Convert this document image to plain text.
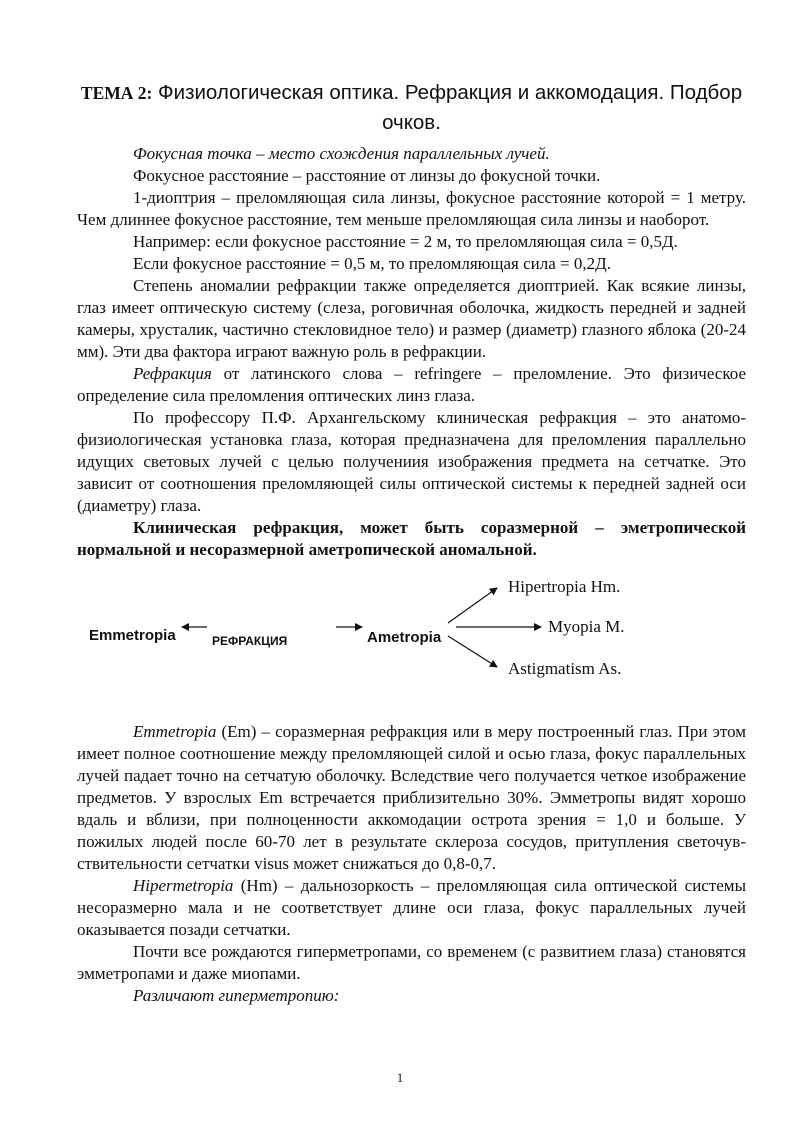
ТЕМА 2: Физиологическая оптика. Рефракция и аккомодация. Подбор очков.

Фокусная точка – место схождения параллельных лучей.

Фокусное расстояние – расстояние от линзы до фокусной точки.

1-диоптрия – преломляющая сила линзы, фокусное расстояние которой = 1 метру. Чем длиннее фокусное расстояние, тем меньше преломляющая сила линзы и наоборот.

Например: если фокусное расстояние = 2 м, то преломляющая сила = 0,5Д.

Если фокусное расстояние = 0,5 м, то преломляющая сила = 0,2Д.

Степень аномалии рефракции также определяется диоптрией. Как всякие линзы, глаз имеет оптическую систему (слеза, роговичная оболочка, жидкость передней и задней камеры, хрусталик, частично стекловидное тело) и размер (диаметр) глазного яблока (20-24 мм). Эти два фактора играют важную роль в рефракции.

Рефракция от латинского слова – refringere – преломление. Это физическое определение сила преломления оптических линз глаза.

По профессору П.Ф. Архангельскому клиническая рефракция – это анатомо-физиологическая установка глаза, которая предназначена для преломления параллельно идущих световых лучей с целью получениия изображения предмета на сетчатке. Это зависит от соотношения преломляющей силы оптической системы к передней задней оси (диаметру) глаза.

Клиническая рефракция, может быть соразмерной – эметропической нормальной и несоразмерной аметропической аномальной.

Emmetropia	РЕФРАКЦИЯ	Ametropia
Hipertropia Hm.
Myopia M.
Astigmatism As.

Emmetropia (Em) – соразмерная рефракция или в меру построенный глаз. При этом имеет полное соотношение между преломляющей силой и осью глаза, фокус параллельных лучей падает точно на сетчатую оболочку. Вследствие чего получается четкое изображение предметов. У взрослых Em встречается приблизительно 30%. Эмметропы видят хорошо вдаль и вблизи, при полноценности аккомодации острота зрения = 1,0 и больше. У пожилых людей после 60-70 лет в результате склероза сосудов, притупления светочув-ствительности сетчатки visus может снижаться до 0,8-0,7.

Hipermetropia (Hm) – дальнозоркость – преломляющая сила оптической системы несоразмерно мала и не соответствует длине оси глаза, фокус параллельных лучей оказывается позади сетчатки.

Почти все рождаются гиперметропами, со временем (с развитием глаза) становятся эмметропами и даже миопами.

Различают гиперметропию:

1
